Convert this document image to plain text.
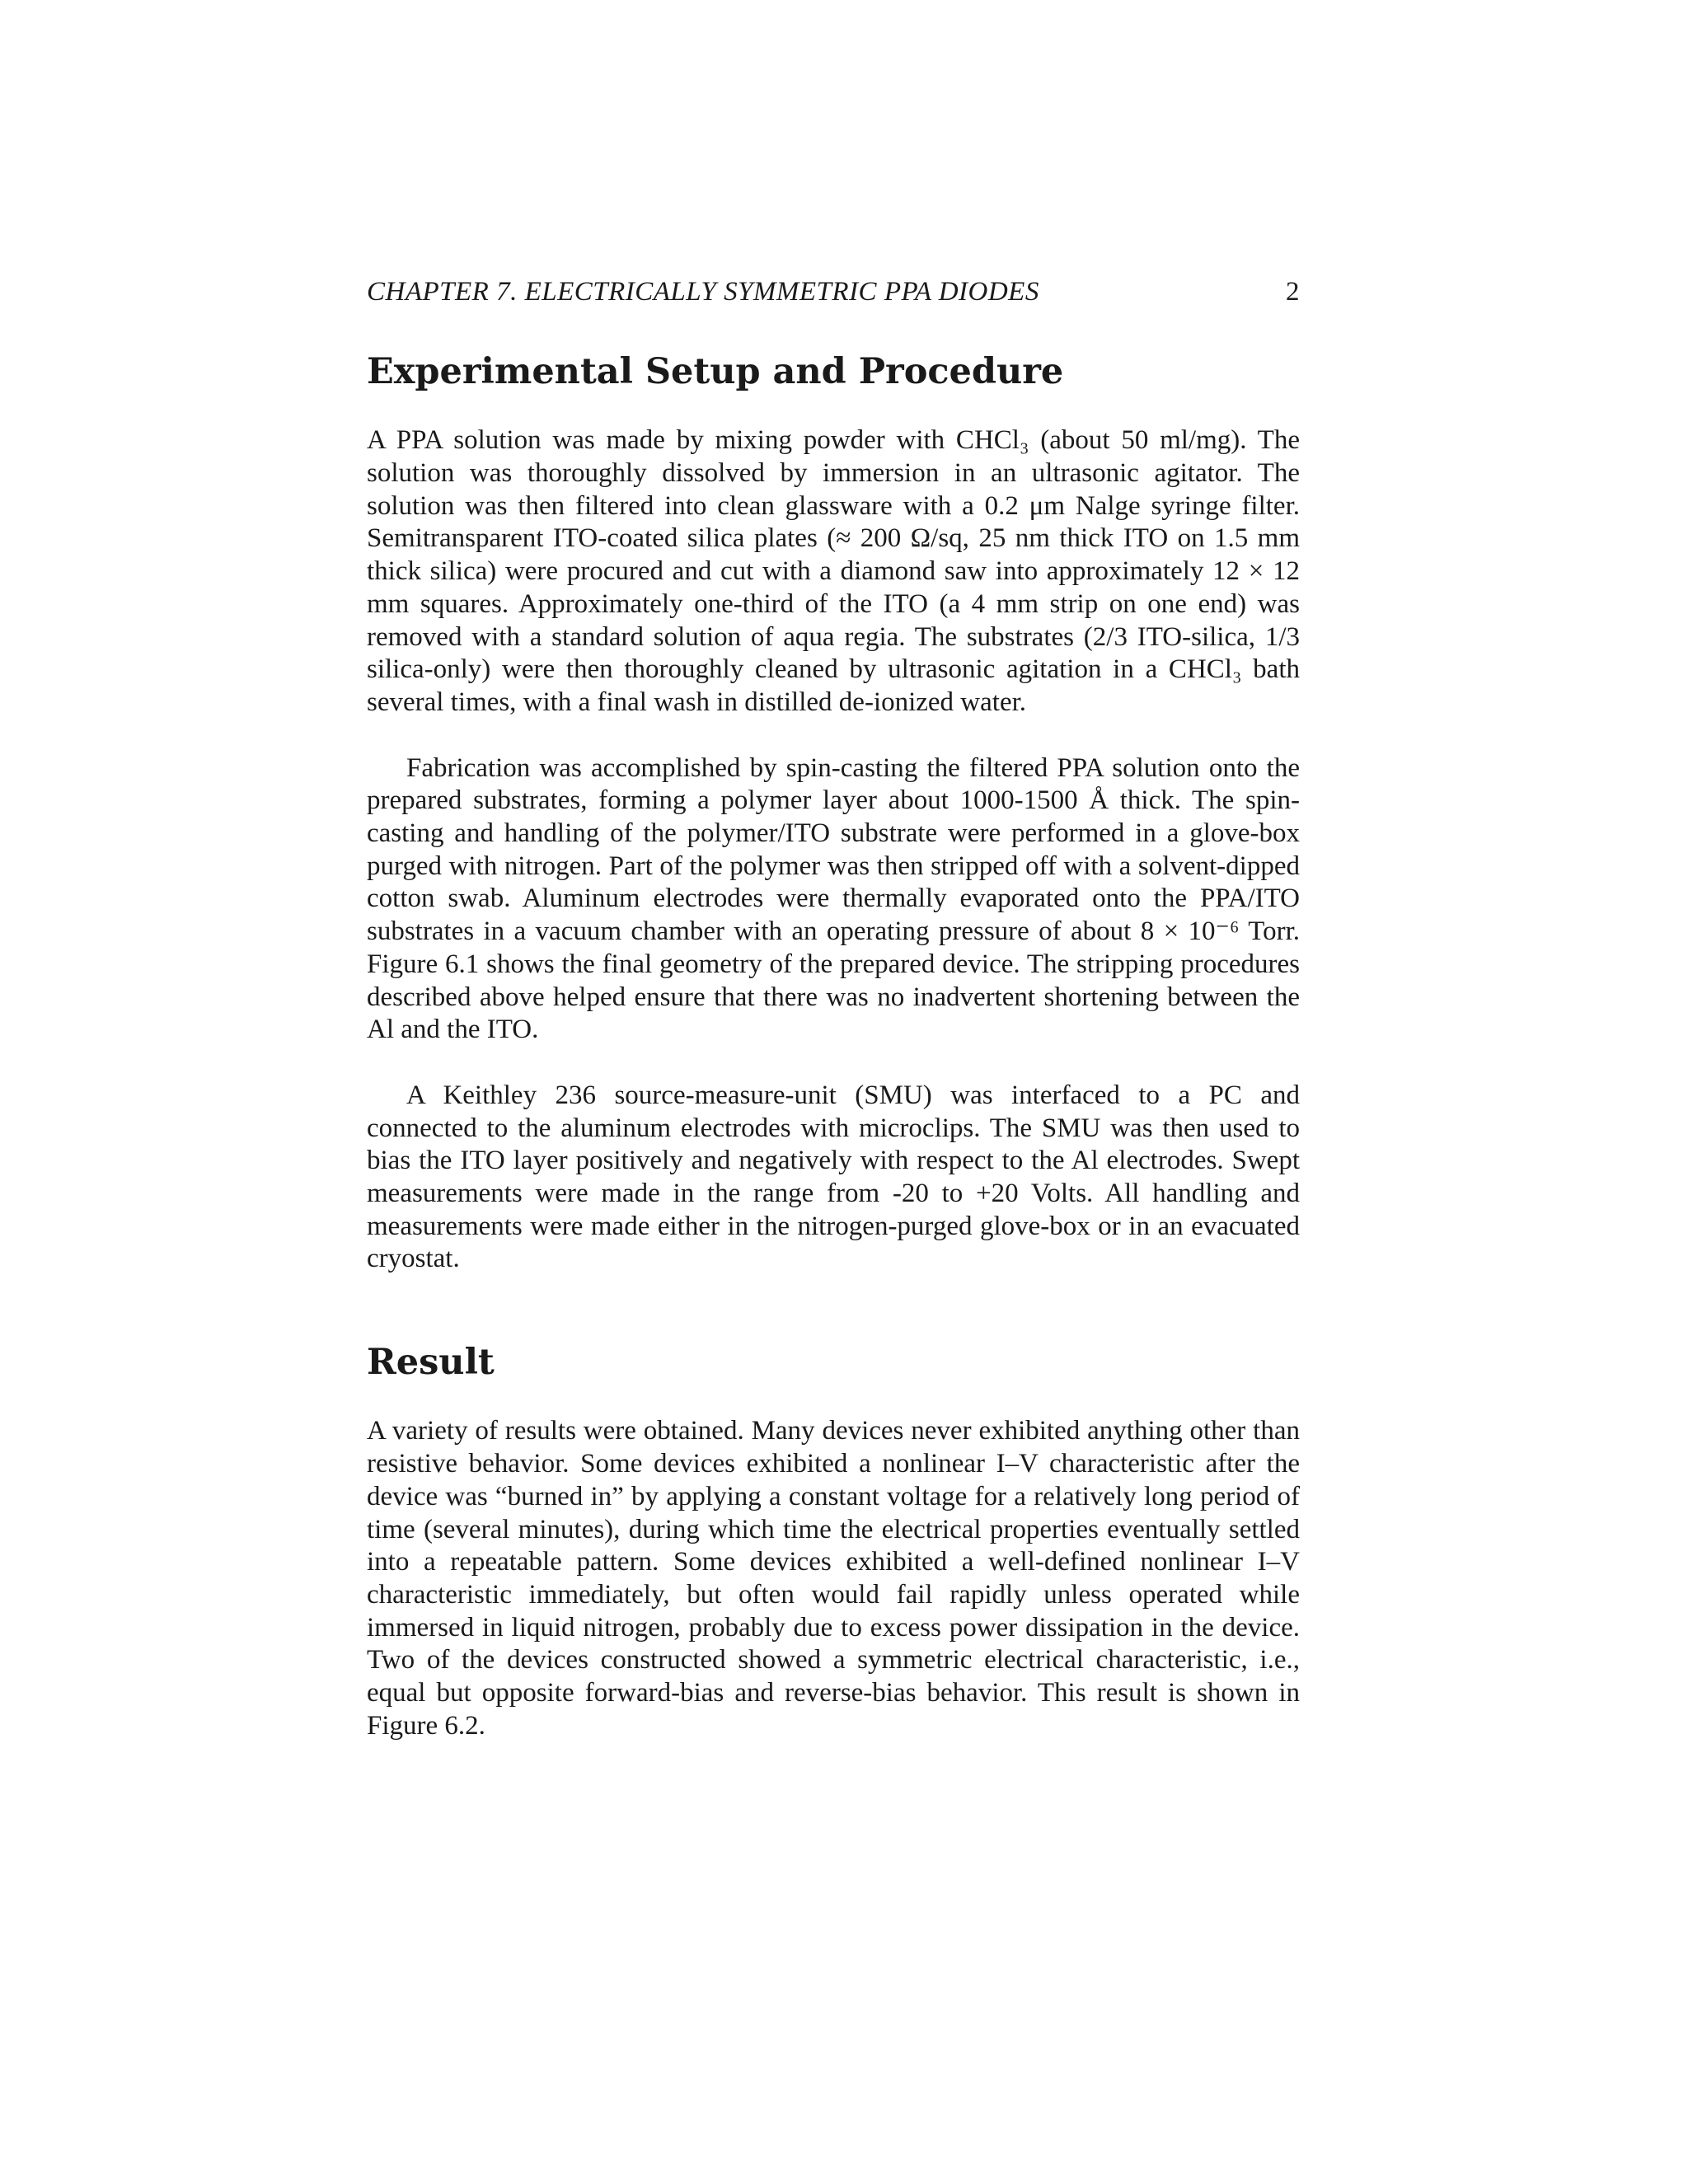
CHAPTER 7. ELECTRICALLY SYMMETRIC PPA DIODES	2
Experimental Setup and Procedure

A PPA solution was made by mixing powder with CHCl₃ (about 50 ml/mg). The solution was thoroughly dissolved by immersion in an ultrasonic agitator. The solution was then filtered into clean glassware with a 0.2 μm Nalge syringe filter. Semitransparent ITO-coated silica plates (≈ 200 Ω/sq, 25 nm thick ITO on 1.5 mm thick silica) were procured and cut with a diamond saw into approximately 12 × 12 mm squares. Approximately one-third of the ITO (a 4 mm strip on one end) was removed with a standard solution of aqua regia. The substrates (2/3 ITO-silica, 1/3 silica-only) were then thoroughly cleaned by ultrasonic agitation in a CHCl₃ bath several times, with a final wash in distilled de-ionized water.

Fabrication was accomplished by spin-casting the filtered PPA solution onto the prepared substrates, forming a polymer layer about 1000-1500 Å thick. The spin-casting and handling of the polymer/ITO substrate were performed in a glove-box purged with nitrogen. Part of the polymer was then stripped off with a solvent-dipped cotton swab. Aluminum electrodes were thermally evaporated onto the PPA/ITO substrates in a vacuum chamber with an operating pressure of about 8 × 10⁻⁶ Torr. Figure 6.1 shows the final geometry of the prepared device. The stripping procedures described above helped ensure that there was no inadvertent shortening between the Al and the ITO.

A Keithley 236 source-measure-unit (SMU) was interfaced to a PC and connected to the aluminum electrodes with microclips. The SMU was then used to bias the ITO layer positively and negatively with respect to the Al electrodes. Swept measurements were made in the range from -20 to +20 Volts. All handling and measurements were made either in the nitrogen-purged glove-box or in an evacuated cryostat.

Result

A variety of results were obtained. Many devices never exhibited anything other than resistive behavior. Some devices exhibited a nonlinear I–V characteristic after the device was “burned in” by applying a constant voltage for a relatively long period of time (several minutes), during which time the electrical properties eventually settled into a repeatable pattern. Some devices exhibited a well-defined nonlinear I–V characteristic immediately, but often would fail rapidly unless operated while immersed in liquid nitrogen, probably due to excess power dissipation in the device. Two of the devices constructed showed a symmetric electrical characteristic, i.e., equal but opposite forward-bias and reverse-bias behavior. This result is shown in Figure 6.2.
